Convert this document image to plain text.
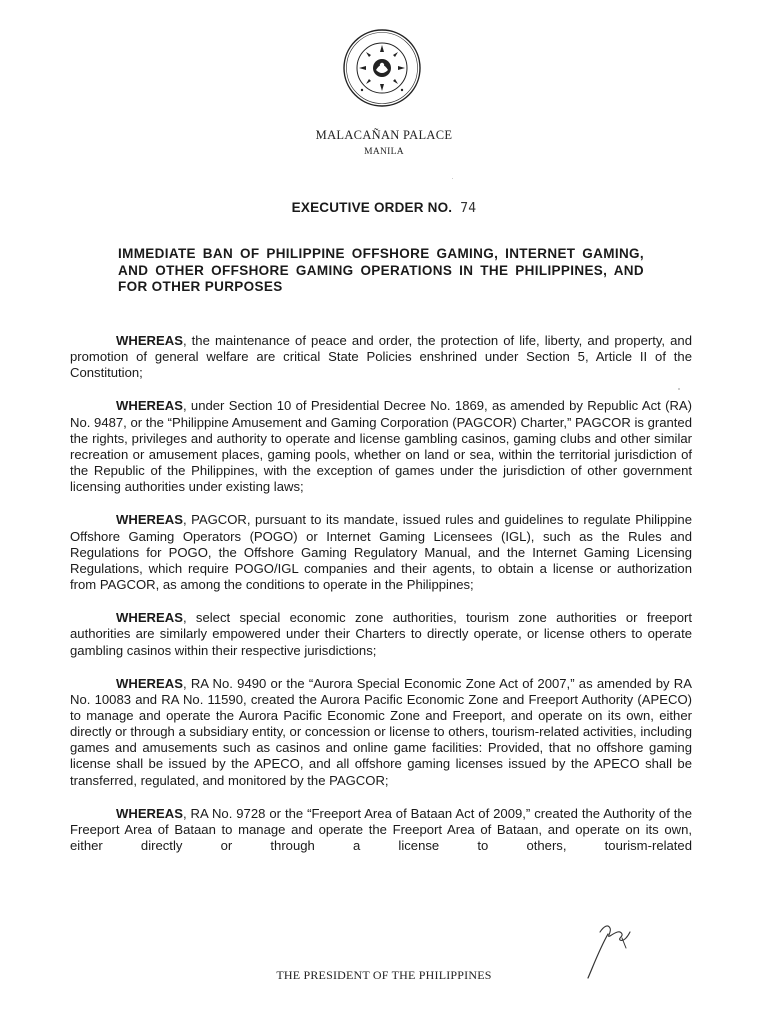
MALACAÑAN PALACE
MANILA
EXECUTIVE ORDER NO. 74
IMMEDIATE BAN OF PHILIPPINE OFFSHORE GAMING, INTERNET GAMING, AND OTHER OFFSHORE GAMING OPERATIONS IN THE PHILIPPINES, AND FOR OTHER PURPOSES

WHEREAS, the maintenance of peace and order, the protection of life, liberty, and property, and promotion of general welfare are critical State Policies enshrined under Section 5, Article II of the Constitution;

WHEREAS, under Section 10 of Presidential Decree No. 1869, as amended by Republic Act (RA) No. 9487, or the “Philippine Amusement and Gaming Corporation (PAGCOR) Charter,” PAGCOR is granted the rights, privileges and authority to operate and license gambling casinos, gaming clubs and other similar recreation or amusement places, gaming pools, whether on land or sea, within the territorial jurisdiction of the Republic of the Philippines, with the exception of games under the jurisdiction of other government licensing authorities under existing laws;

WHEREAS, PAGCOR, pursuant to its mandate, issued rules and guidelines to regulate Philippine Offshore Gaming Operators (POGO) or Internet Gaming Licensees (IGL), such as the Rules and Regulations for POGO, the Offshore Gaming Regulatory Manual, and the Internet Gaming Licensing Regulations, which require POGO/IGL companies and their agents, to obtain a license or authorization from PAGCOR, as among the conditions to operate in the Philippines;

WHEREAS, select special economic zone authorities, tourism zone authorities or freeport authorities are similarly empowered under their Charters to directly operate, or license others to operate gambling casinos within their respective jurisdictions;

WHEREAS, RA No. 9490 or the “Aurora Special Economic Zone Act of 2007,” as amended by RA No. 10083 and RA No. 11590, created the Aurora Pacific Economic Zone and Freeport Authority (APECO) to manage and operate the Aurora Pacific Economic Zone and Freeport, and operate on its own, either directly or through a subsidiary entity, or concession or license to others, tourism-related activities, including games and amusements such as casinos and online game facilities: Provided, that no offshore gaming license shall be issued by the APECO, and all offshore gaming licenses issued by the APECO shall be transferred, regulated, and monitored by the PAGCOR;

WHEREAS, RA No. 9728 or the “Freeport Area of Bataan Act of 2009,” created the Authority of the Freeport Area of Bataan to manage and operate the Freeport Area of Bataan, and operate on its own, either directly or through a license to others, tourism-related

THE PRESIDENT OF THE PHILIPPINES
